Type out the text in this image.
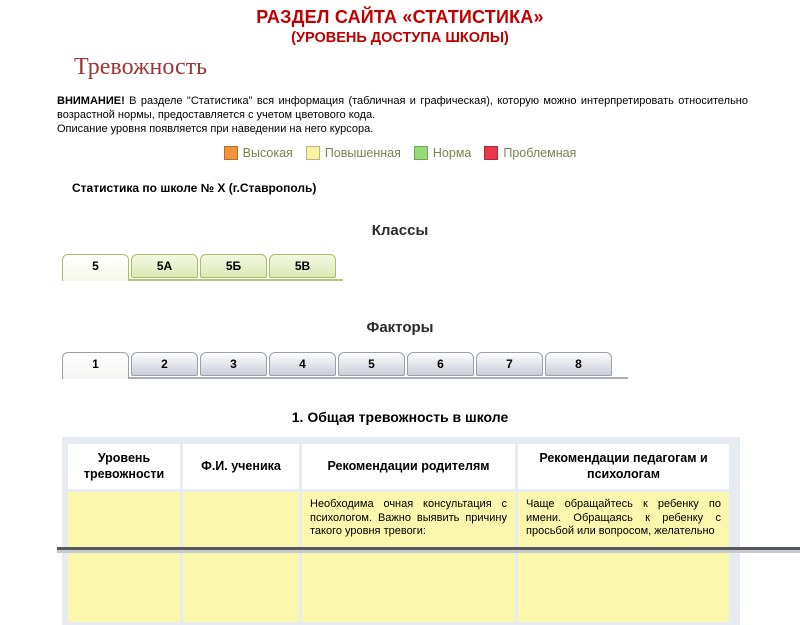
РАЗДЕЛ САЙТА «СТАТИСТИКА»
(УРОВЕНЬ ДОСТУПА ШКОЛЫ)
Тревожность
ВНИМАНИЕ! В разделе "Статистика" вся информация (табличная и графическая), которую можно интерпретировать относительно возрастной нормы, предоставляется с учетом цветового кода.
Описание уровня появляется при наведении на него курсора.
Высокая	Повышенная	Норма	Проблемная
Статистика по школе № X (г.Ставрополь)
Классы
5	5А	5Б	5В
Факторы
1	2	3	4	5	6	7	8
1. Общая тревожность в школе
Уровень тревожности	Ф.И. ученика	Рекомендации родителям	Рекомендации педагогам и психологам
		Необходима очная консультация с психологом. Важно выявить причину такого уровня тревоги:	Чаще обращайтесь к ребенку по имени. Обращаясь к ребенку с просьбой или вопросом, желательно
